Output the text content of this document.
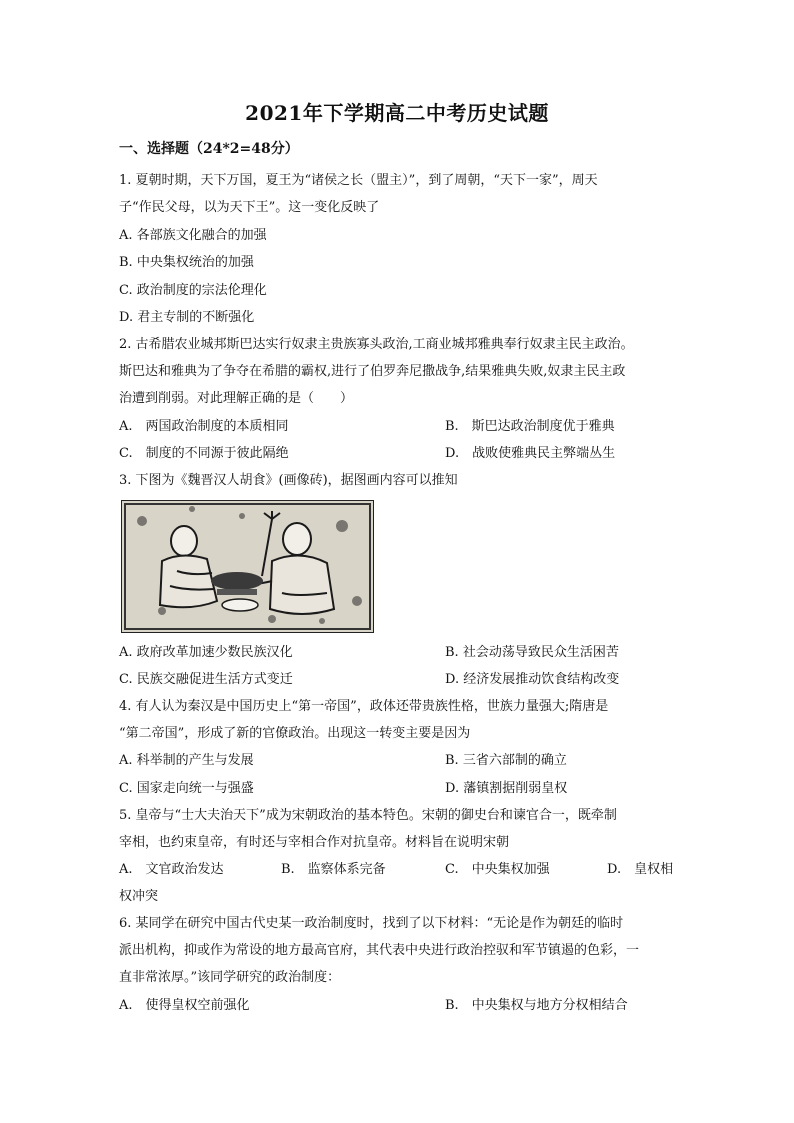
2021年下学期高二中考历史试题
一、选择题（24*2=48分）
1. 夏朝时期，天下万国，夏王为“诸侯之长（盟主）”，到了周朝，“天下一家”，周天
子“作民父母，以为天下王”。这一变化反映了
A. 各部族文化融合的加强
B. 中央集权统治的加强
C. 政治制度的宗法伦理化
D. 君主专制的不断强化
2. 古希腊农业城邦斯巴达实行奴隶主贵族寡头政治,工商业城邦雅典奉行奴隶主民主政治。
斯巴达和雅典为了争夺在希腊的霸权,进行了伯罗奔尼撒战争,结果雅典失败,奴隶主民主政
治遭到削弱。对此理解正确的是（　　）
A.　两国政治制度的本质相同	B.　斯巴达政治制度优于雅典
C.　制度的不同源于彼此隔绝	D.　战败使雅典民主弊端丛生
3. 下图为《魏晋汉人胡食》(画像砖)，据图画内容可以推知
A. 政府改革加速少数民族汉化	B. 社会动荡导致民众生活困苦
C. 民族交融促进生活方式变迁	D. 经济发展推动饮食结构改变
4. 有人认为秦汉是中国历史上“第一帝国”，政体还带贵族性格，世族力量强大;隋唐是
“第二帝国”，形成了新的官僚政治。出现这一转变主要是因为
A. 科举制的产生与发展	B. 三省六部制的确立
C. 国家走向统一与强盛	D. 藩镇割据削弱皇权
5. 皇帝与“士大夫治天下”成为宋朝政治的基本特色。宋朝的御史台和谏官合一，既牵制
宰相，也约束皇帝，有时还与宰相合作对抗皇帝。材料旨在说明宋朝
A.　文官政治发达	B.　监察体系完备	C.　中央集权加强	D.　皇权相
权冲突
6. 某同学在研究中国古代史某一政治制度时，找到了以下材料：“无论是作为朝廷的临时
派出机构，抑或作为常设的地方最高官府，其代表中央进行政治控驭和军节镇遏的色彩，一
直非常浓厚。”该同学研究的政治制度：
A.　使得皇权空前强化	B.　中央集权与地方分权相结合
